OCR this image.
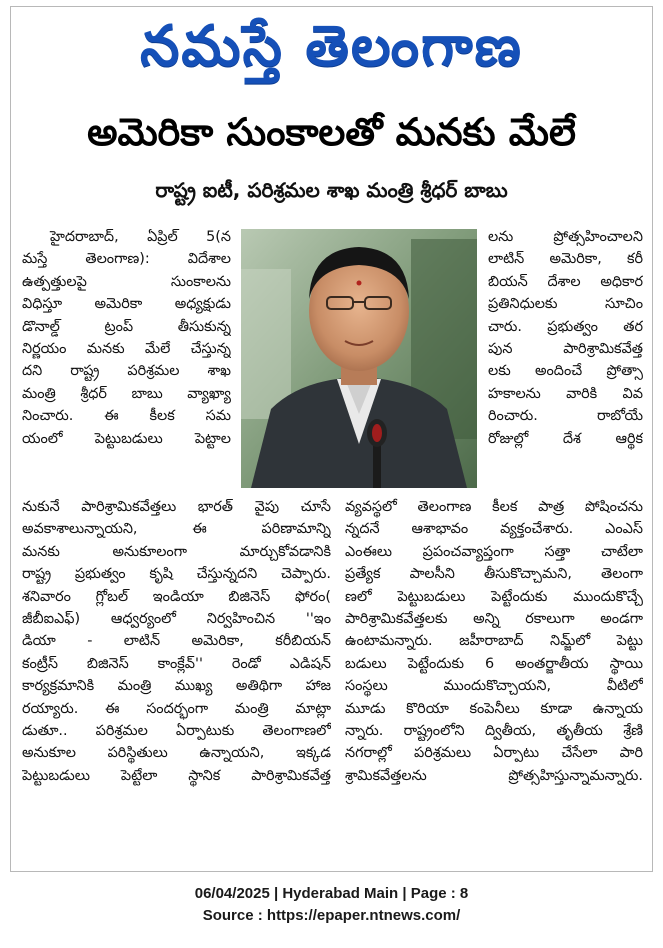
నమస్తే తెలంగాణ
అమెరికా సుంకాలతో మనకు మేలే
రాష్ట్ర ఐటీ, పరిశ్రమల శాఖ మంత్రి శ్రీధర్ బాబు
హైదరాబాద్, ఏప్రిల్ 5(న
మస్తే తెలంగాణ): విదేశాల
ఉత్పత్తులపై సుంకాలను
విధిస్తూ అమెరికా అధ్యక్షుడు
డొనాల్డ్ ట్రంప్ తీసుకున్న
నిర్ణయం మనకు మేలే చేస్తున్న
దని రాష్ట్ర పరిశ్రమల శాఖ
మంత్రి శ్రీధర్ బాబు వ్యాఖ్యా
నించారు. ఈ కీలక సమ
యంలో పెట్టుబడులు పెట్టాల
లను ప్రోత్సహించాలని
లాటిన్ అమెరికా, కరీ
బియన్ దేశాల అధికార
ప్రతినిధులకు సూచిం
చారు. ప్రభుత్వం తర
పున పారిశ్రామికవేత్త
లకు అందించే ప్రోత్సా
హకాలను వారికి వివ
రించారు. రాబోయే
రోజుల్లో దేశ ఆర్థిక
నుకునే పారిశ్రామికవేత్తలు భారత్ వైపు చూసే
అవకాశాలున్నాయని, ఈ పరిణామాన్ని
మనకు అనుకూలంగా మార్చుకోవడానికి
రాష్ట్ర ప్రభుత్వం కృషి చేస్తున్నదని చెప్పారు.
శనివారం గ్లోబల్ ఇండియా బిజినెస్ ఫోరం(
జీబీఐఎఫ్) ఆధ్వర్యంలో నిర్వహించిన ''ఇం
డియా - లాటిన్ అమెరికా, కరీబియన్
కంట్రీస్ బిజినెస్ కాంక్లేవ్'' రెండో ఎడిషన్
కార్యక్రమానికి మంత్రి ముఖ్య అతిథిగా హాజ
రయ్యారు. ఈ సందర్భంగా మంత్రి మాట్లా
డుతూ.. పరిశ్రమల ఏర్పాటుకు తెలంగాణలో
అనుకూల పరిస్థితులు ఉన్నాయని, ఇక్కడ
పెట్టుబడులు పెట్టేలా స్థానిక పారిశ్రామికవేత్త
వ్యవస్థలో తెలంగాణ కీలక పాత్ర పోషించను
న్నదనే ఆశాభావం వ్యక్తంచేశారు. ఎంఎస్
ఎంఈలు ప్రపంచవ్యాప్తంగా సత్తా చాటేలా
ప్రత్యేక పాలసీని తీసుకొచ్చామని, తెలంగా
ణలో పెట్టుబడులు పెట్టేందుకు ముందుకొచ్చే
పారిశ్రామికవేత్తలకు అన్ని రకాలుగా అండగా
ఉంటామన్నారు. జహీరాబాద్ నిమ్జ్‌లో పెట్టు
బడులు పెట్టేందుకు 6 అంతర్జాతీయ స్థాయి
సంస్థలు ముందుకొచ్చాయని, వీటిలో
మూడు కొరియా కంపెనీలు కూడా ఉన్నాయ
న్నారు. రాష్ట్రంలోని ద్వితీయ, తృతీయ శ్రేణి
నగరాల్లో పరిశ్రమలు ఏర్పాటు చేసేలా పారి
శ్రామికవేత్తలను ప్రోత్సహిస్తున్నామన్నారు.
06/04/2025 | Hyderabad Main | Page : 8
Source : https://epaper.ntnews.com/
